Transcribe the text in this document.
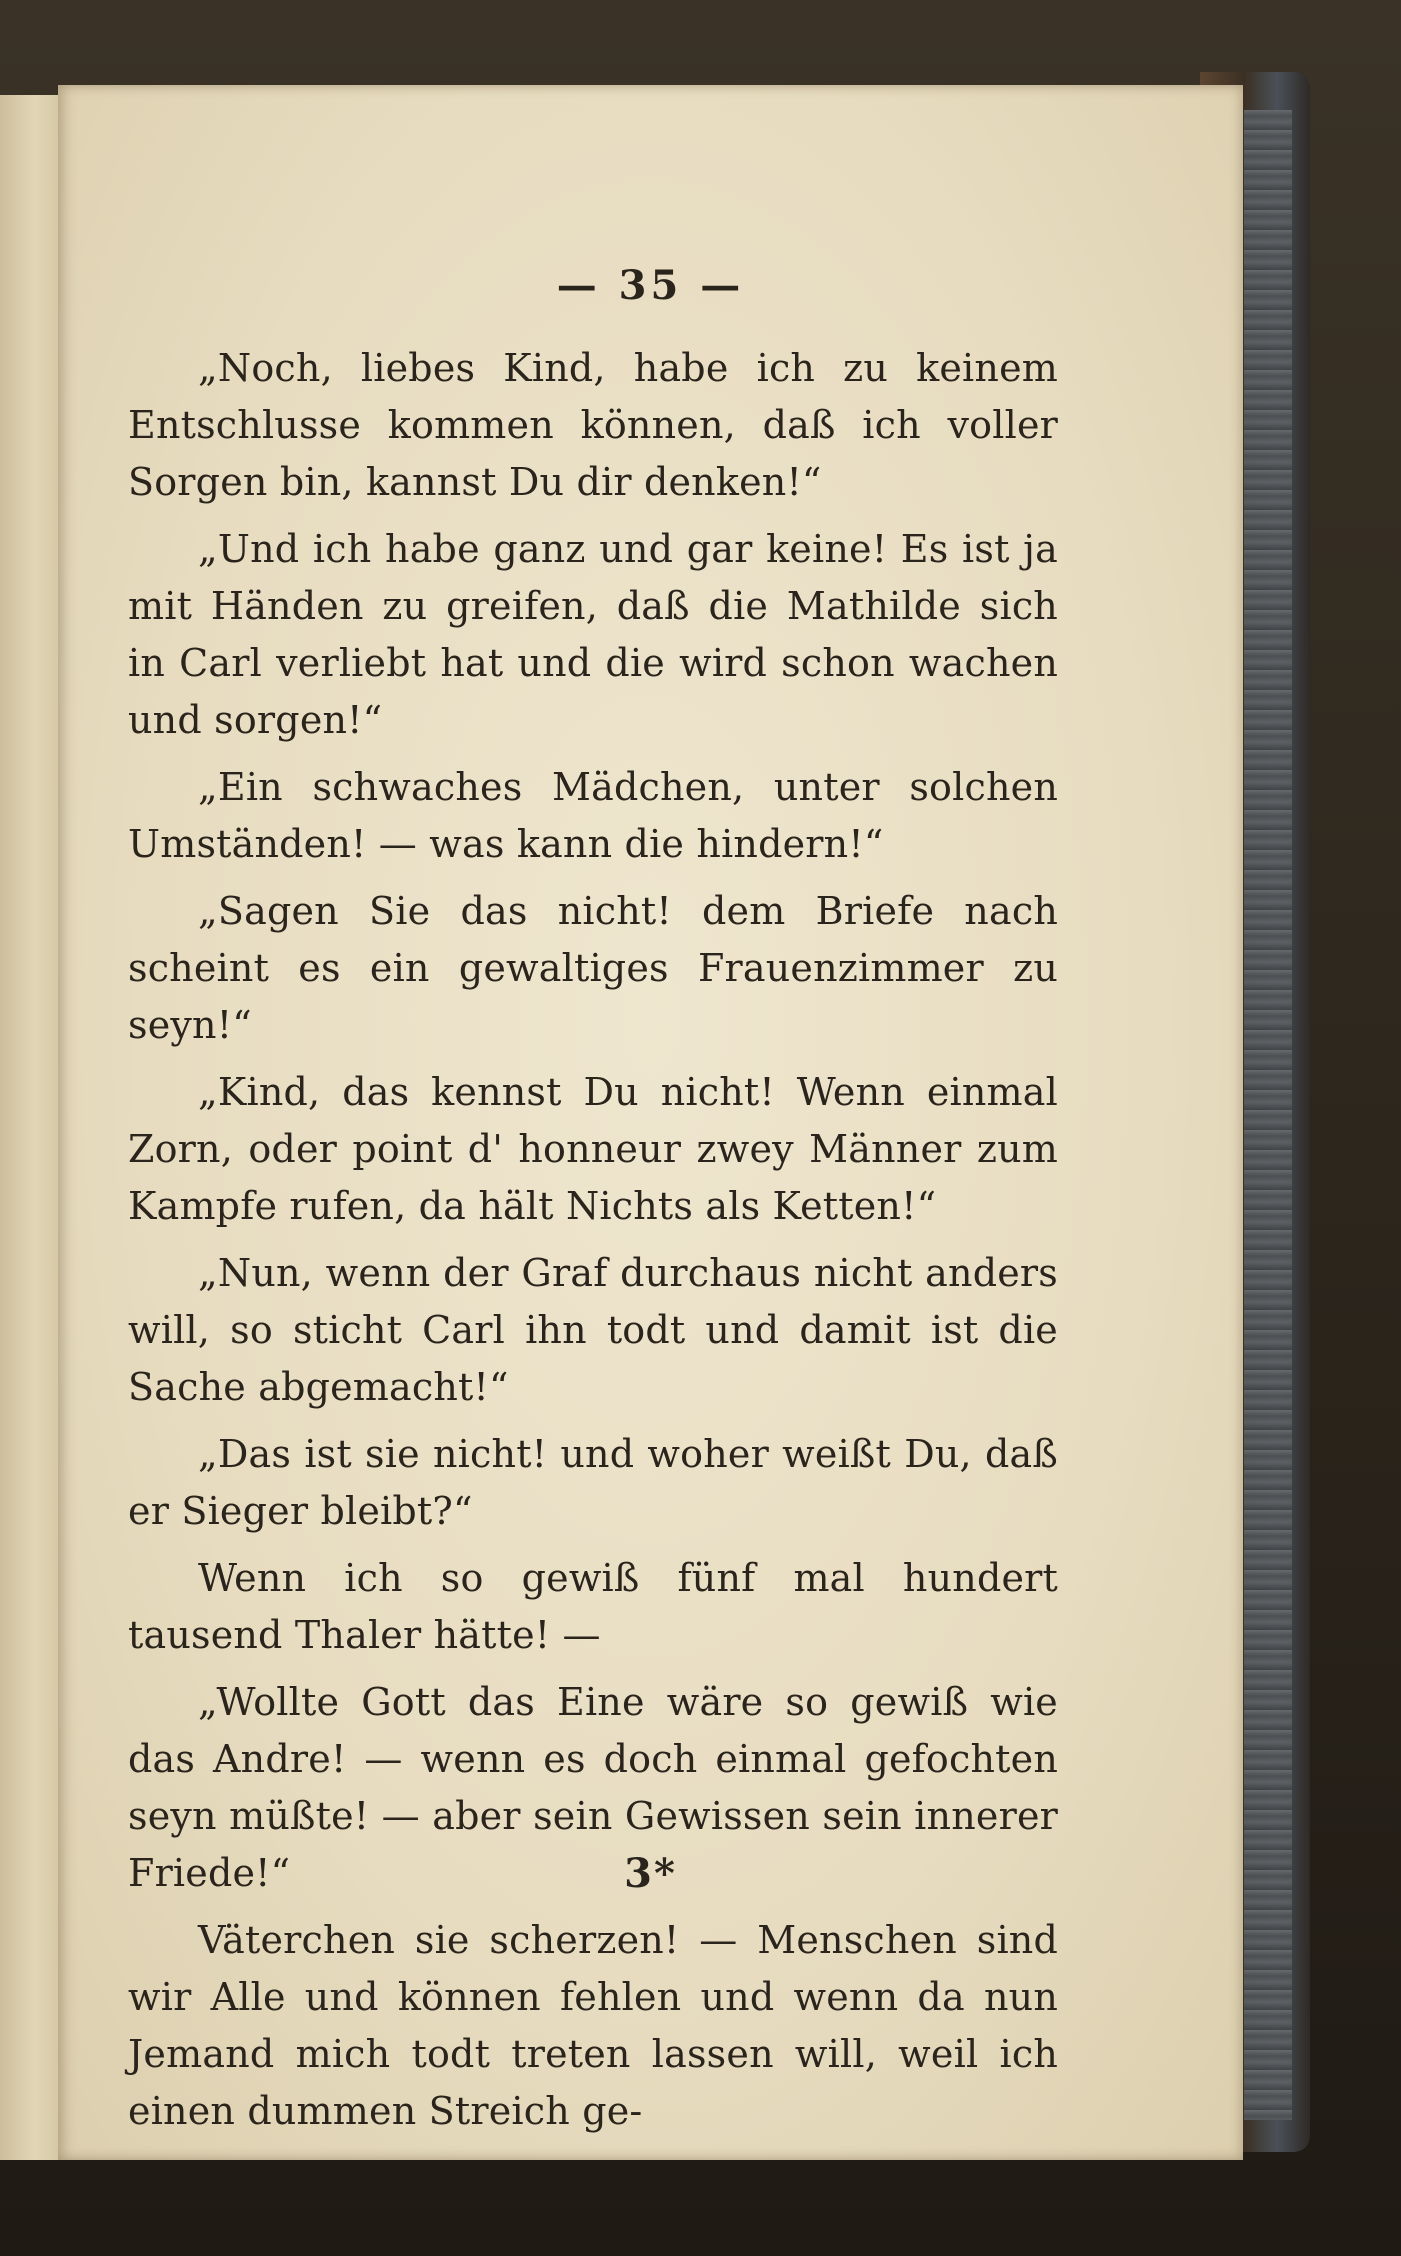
— 35 —

„Noch, liebes Kind, habe ich zu keinem Entschlusse kommen können, daß ich voller Sorgen bin, kannst Du dir denken!“

„Und ich habe ganz und gar keine! Es ist ja mit Händen zu greifen, daß die Mathilde sich in Carl verliebt hat und die wird schon wachen und sorgen!“

„Ein schwaches Mädchen, unter solchen Umständen! — was kann die hindern!“

„Sagen Sie das nicht! dem Briefe nach scheint es ein gewaltiges Frauenzimmer zu seyn!“

„Kind, das kennst Du nicht! Wenn einmal Zorn, oder point d' honneur zwey Männer zum Kampfe rufen, da hält Nichts als Ketten!“

„Nun, wenn der Graf durchaus nicht anders will, so sticht Carl ihn todt und damit ist die Sache abgemacht!“

„Das ist sie nicht! und woher weißt Du, daß er Sieger bleibt?“

Wenn ich so gewiß fünf mal hundert tausend Thaler hätte! —

„Wollte Gott das Eine wäre so gewiß wie das Andre! — wenn es doch einmal gefochten seyn müßte! — aber sein Gewissen sein innerer Friede!“

Väterchen sie scherzen! — Menschen sind wir Alle und können fehlen und wenn da nun Jemand mich todt treten lassen will, weil ich einen dummen Streich ge-

3*
